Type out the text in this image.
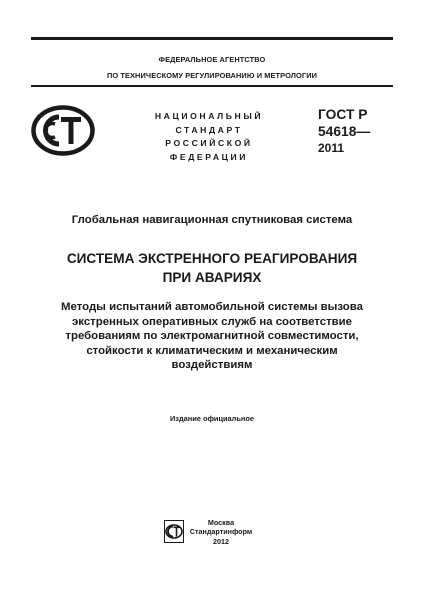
ФЕДЕРАЛЬНОЕ АГЕНТСТВО
ПО ТЕХНИЧЕСКОМУ РЕГУЛИРОВАНИЮ И МЕТРОЛОГИИ
НАЦИОНАЛЬНЫЙ
СТАНДАРТ
РОССИЙСКОЙ
ФЕДЕРАЦИИ
ГОСТ Р
54618—
2011
Глобальная навигационная спутниковая система
СИСТЕМА ЭКСТРЕННОГО РЕАГИРОВАНИЯ
ПРИ АВАРИЯХ
Методы испытаний автомобильной системы вызова
экстренных оперативных служб на соответствие
требованиям по электромагнитной совместимости,
стойкости к климатическим и механическим
воздействиям
Издание официальное
Москва
Стандартинформ
2012
